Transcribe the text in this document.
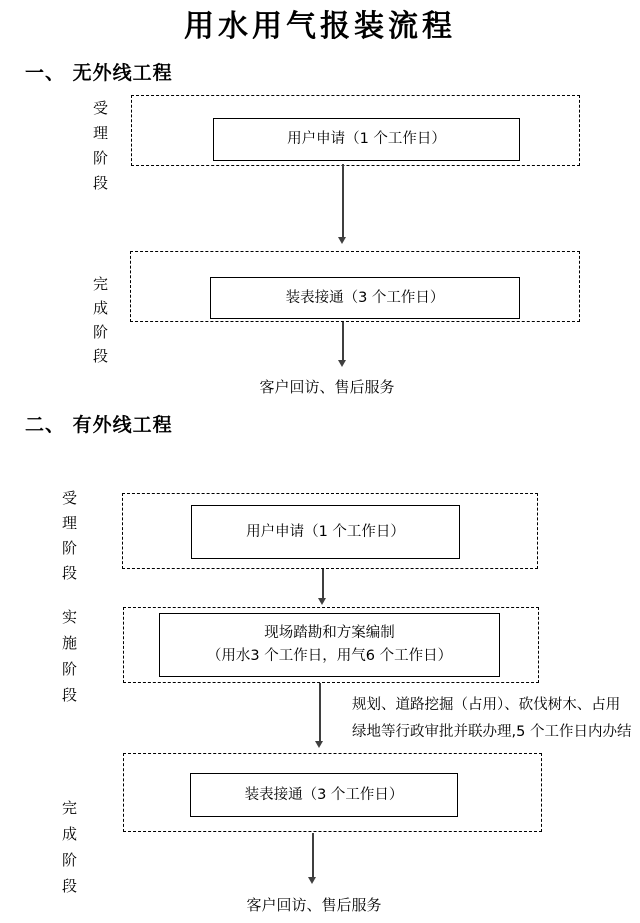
用水用气报装流程
一、 无外线工程
受理阶段
用户申请（1 个工作日）
完成阶段
装表接通（3 个工作日）
客户回访、售后服务
二、 有外线工程
受理阶段
用户申请（1 个工作日）
实施阶段
现场踏勘和方案编制
（用水3 个工作日，用气6 个工作日）
规划、道路挖掘（占用）、砍伐树木、占用
绿地等行政审批并联办理,5 个工作日内办结
完成阶段
装表接通（3 个工作日）
客户回访、售后服务
